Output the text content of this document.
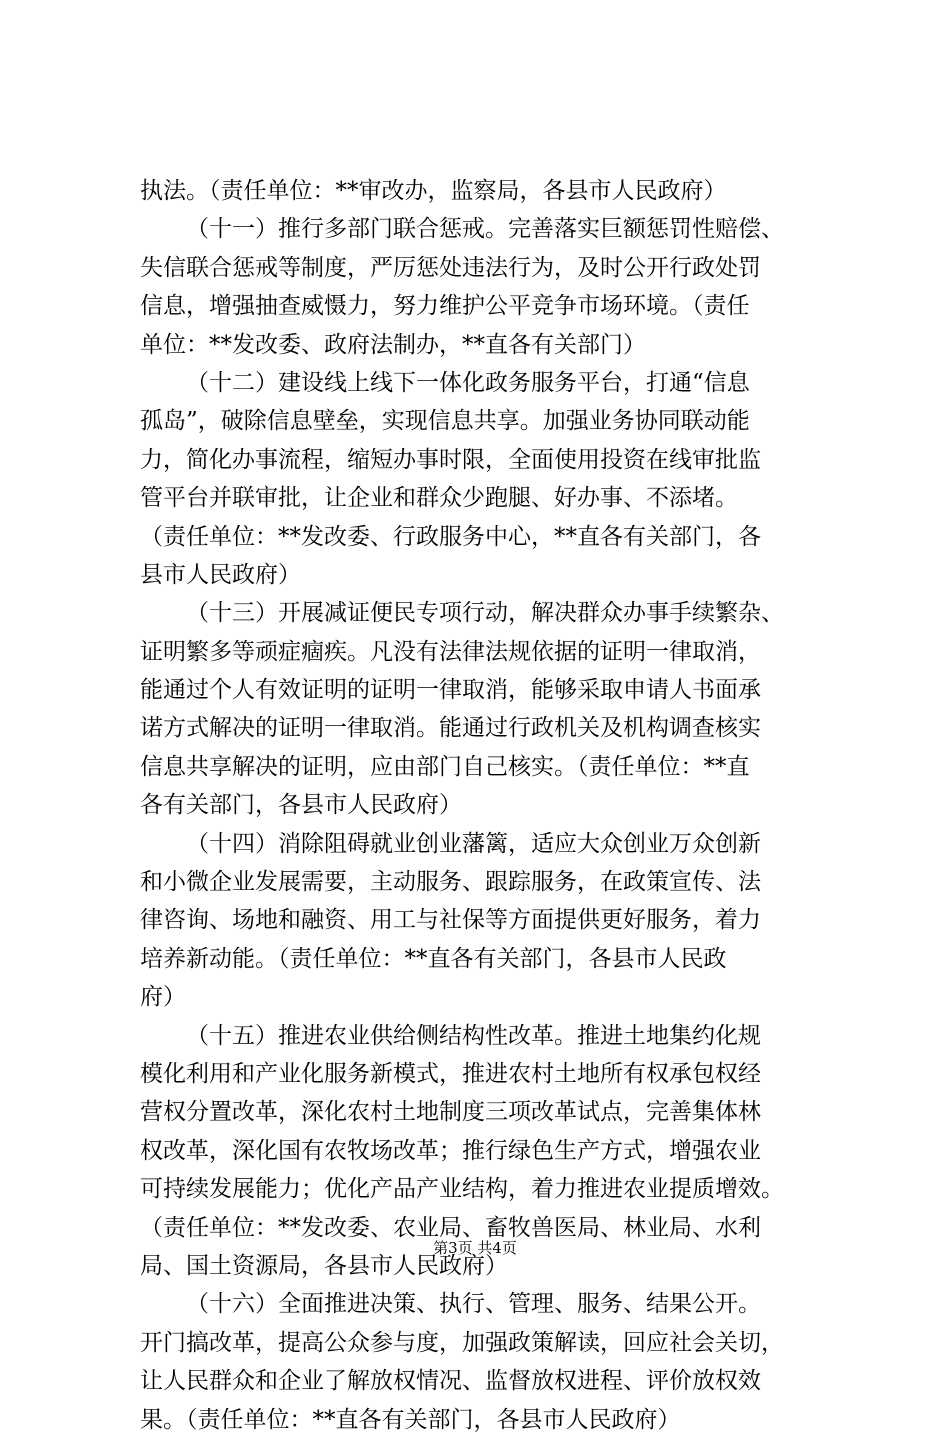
执法。（责任单位：**审改办，监察局，各县市人民政府）
（十一）推行多部门联合惩戒。完善落实巨额惩罚性赔偿、
失信联合惩戒等制度，严厉惩处违法行为，及时公开行政处罚
信息，增强抽查威慑力，努力维护公平竞争市场环境。（责任
单位：**发改委、政府法制办，**直各有关部门）
（十二）建设线上线下一体化政务服务平台，打通“信息
孤岛”，破除信息壁垒，实现信息共享。加强业务协同联动能
力，简化办事流程，缩短办事时限，全面使用投资在线审批监
管平台并联审批，让企业和群众少跑腿、好办事、不添堵。
（责任单位：**发改委、行政服务中心，**直各有关部门，各
县市人民政府）
（十三）开展减证便民专项行动，解决群众办事手续繁杂、
证明繁多等顽症痼疾。凡没有法律法规依据的证明一律取消，
能通过个人有效证明的证明一律取消，能够采取申请人书面承
诺方式解决的证明一律取消。能通过行政机关及机构调查核实
信息共享解决的证明，应由部门自己核实。（责任单位：**直
各有关部门，各县市人民政府）
（十四）消除阻碍就业创业藩篱，适应大众创业万众创新
和小微企业发展需要，主动服务、跟踪服务，在政策宣传、法
律咨询、场地和融资、用工与社保等方面提供更好服务，着力
培养新动能。（责任单位：**直各有关部门，各县市人民政
府）
（十五）推进农业供给侧结构性改革。推进土地集约化规
模化利用和产业化服务新模式，推进农村土地所有权承包权经
营权分置改革，深化农村土地制度三项改革试点，完善集体林
权改革，深化国有农牧场改革；推行绿色生产方式，增强农业
可持续发展能力；优化产品产业结构，着力推进农业提质增效。
（责任单位：**发改委、农业局、畜牧兽医局、林业局、水利
局、国土资源局，各县市人民政府）
（十六）全面推进决策、执行、管理、服务、结果公开。
开门搞改革，提高公众参与度，加强政策解读，回应社会关切，
让人民群众和企业了解放权情况、监督放权进程、评价放权效
果。（责任单位：**直各有关部门，各县市人民政府）
第3页 共4页
